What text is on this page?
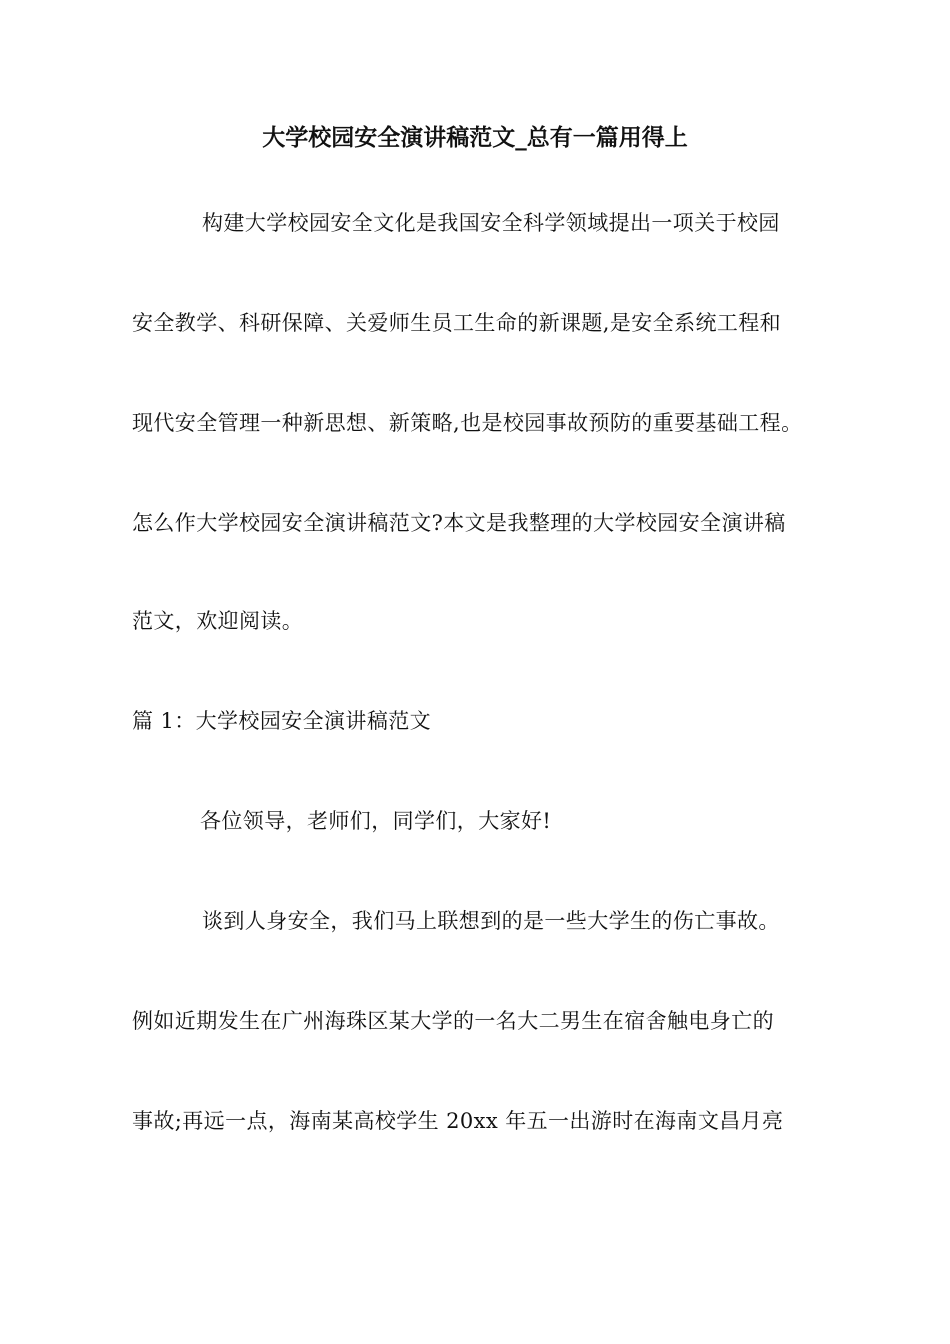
大学校园安全演讲稿范文_总有一篇用得上
构建大学校园安全文化是我国安全科学领域提出一项关于校园
安全教学、科研保障、关爱师生员工生命的新课题,是安全系统工程和
现代安全管理一种新思想、新策略,也是校园事故预防的重要基础工程。
怎么作大学校园安全演讲稿范文?本文是我整理的大学校园安全演讲稿
范文，欢迎阅读。
篇 1：大学校园安全演讲稿范文
各位领导，老师们，同学们，大家好!
谈到人身安全，我们马上联想到的是一些大学生的伤亡事故。
例如近期发生在广州海珠区某大学的一名大二男生在宿舍触电身亡的
事故;再远一点，海南某高校学生 20xx 年五一出游时在海南文昌月亮
